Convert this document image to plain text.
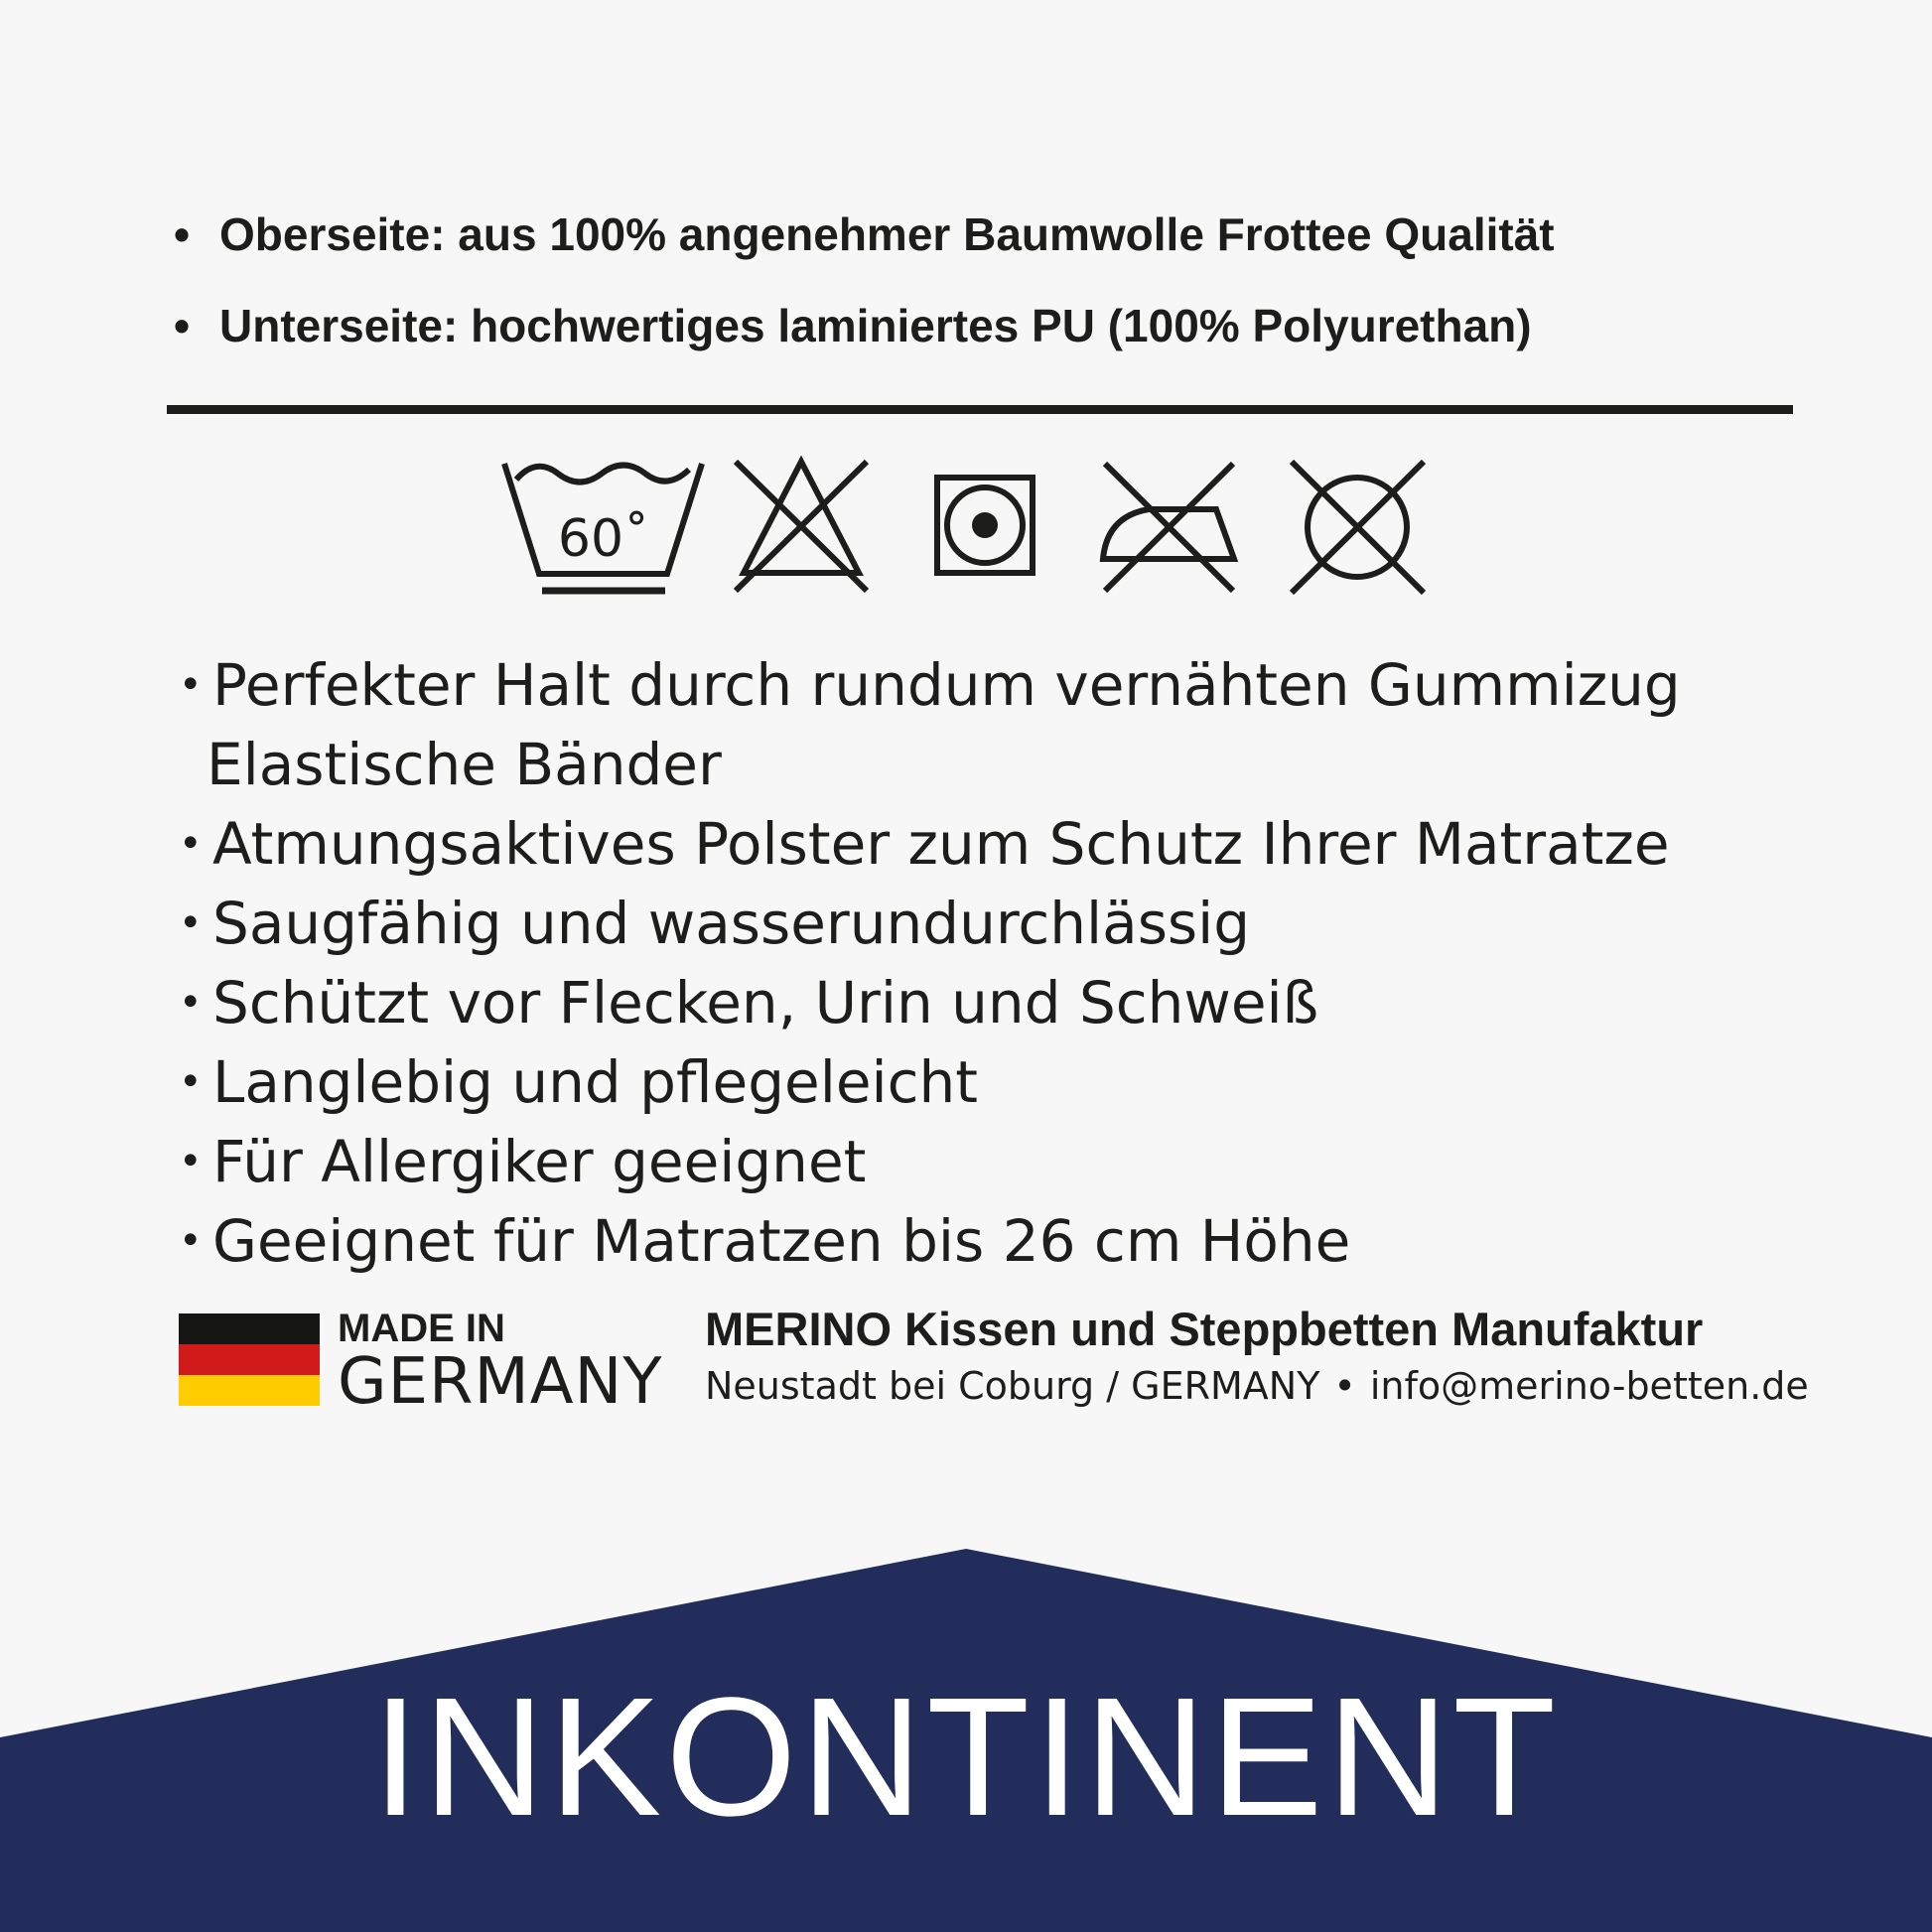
• Oberseite: aus 100% angenehmer Baumwolle Frottee Qualität
• Unterseite: hochwertiges laminiertes PU (100% Polyurethan)
60˚
• Perfekter Halt durch rundum vernähten Gummizug
Elastische Bänder
• Atmungsaktives Polster zum Schutz Ihrer Matratze
• Saugfähig und wasserundurchlässig
• Schützt vor Flecken, Urin und Schweiß
• Langlebig und pflegeleicht
• Für Allergiker geeignet
• Geeignet für Matratzen bis 26 cm Höhe
MADE IN
GERMANY
MERINO Kissen und Steppbetten Manufaktur
Neustadt bei Coburg / GERMANY • info@merino-betten.de
INKONTINENT
